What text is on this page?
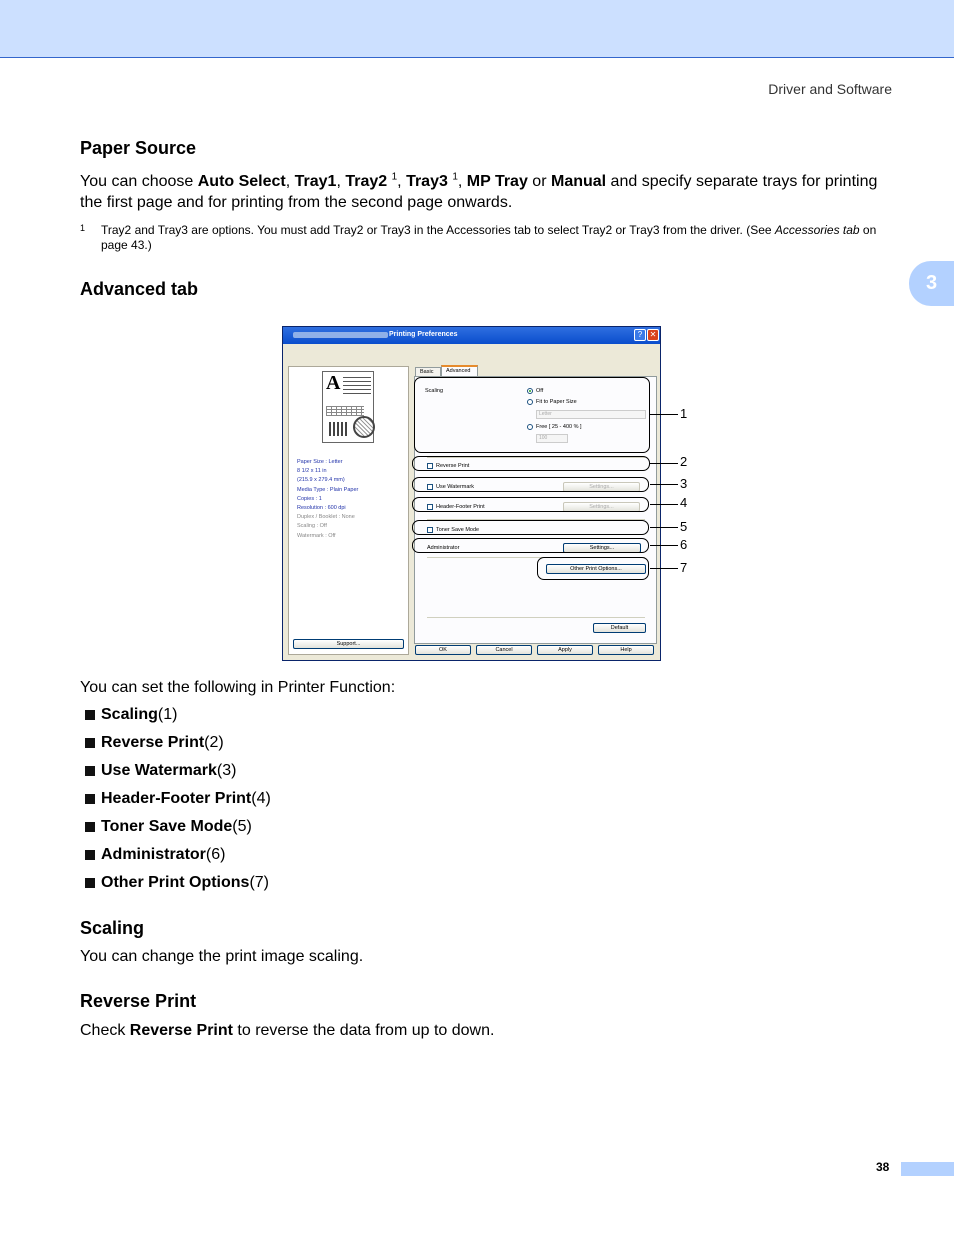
Driver and Software
3
Paper Source

You can choose Auto Select, Tray1, Tray2 $^1$, Tray3 $^1$, MP Tray or Manual and specify separate trays for printing the first page and for printing from the second page onwards.

1 Tray2 and Tray3 are options. You must add Tray2 or Tray3 in the Accessories tab to select Tray2 or Tray3 from the driver. (See Accessories tab on page 43.)
Advanced tab
Printing Preferences	? ✕
A
Paper Size : Letter
8 1/2 x 11 in
(215.9 x 279.4 mm)
Media Type : Plain Paper
Copies : 1
Resolution : 600 dpi
Duplex / Booklet : None
Scaling : Off
Watermark : Off
Support...
Basic	Advanced
Scaling	Off
Fit to Paper Size
Letter
Free [ 25 - 400 % ]
100
Reverse Print
Use Watermark	Settings...
Header-Footer Print	Settings...
Toner Save Mode
Administrator	Settings...
Other Print Options...
Default
OK	Cancel	Apply	Help
1
2
3
4
5
6
7

You can set the following in Printer Function:

Scaling (1)
Reverse Print (2)
Use Watermark (3)
Header-Footer Print (4)
Toner Save Mode (5)
Administrator (6)
Other Print Options (7)
Scaling

You can change the print image scaling.

Reverse Print

Check Reverse Print to reverse the data from up to down.

38
